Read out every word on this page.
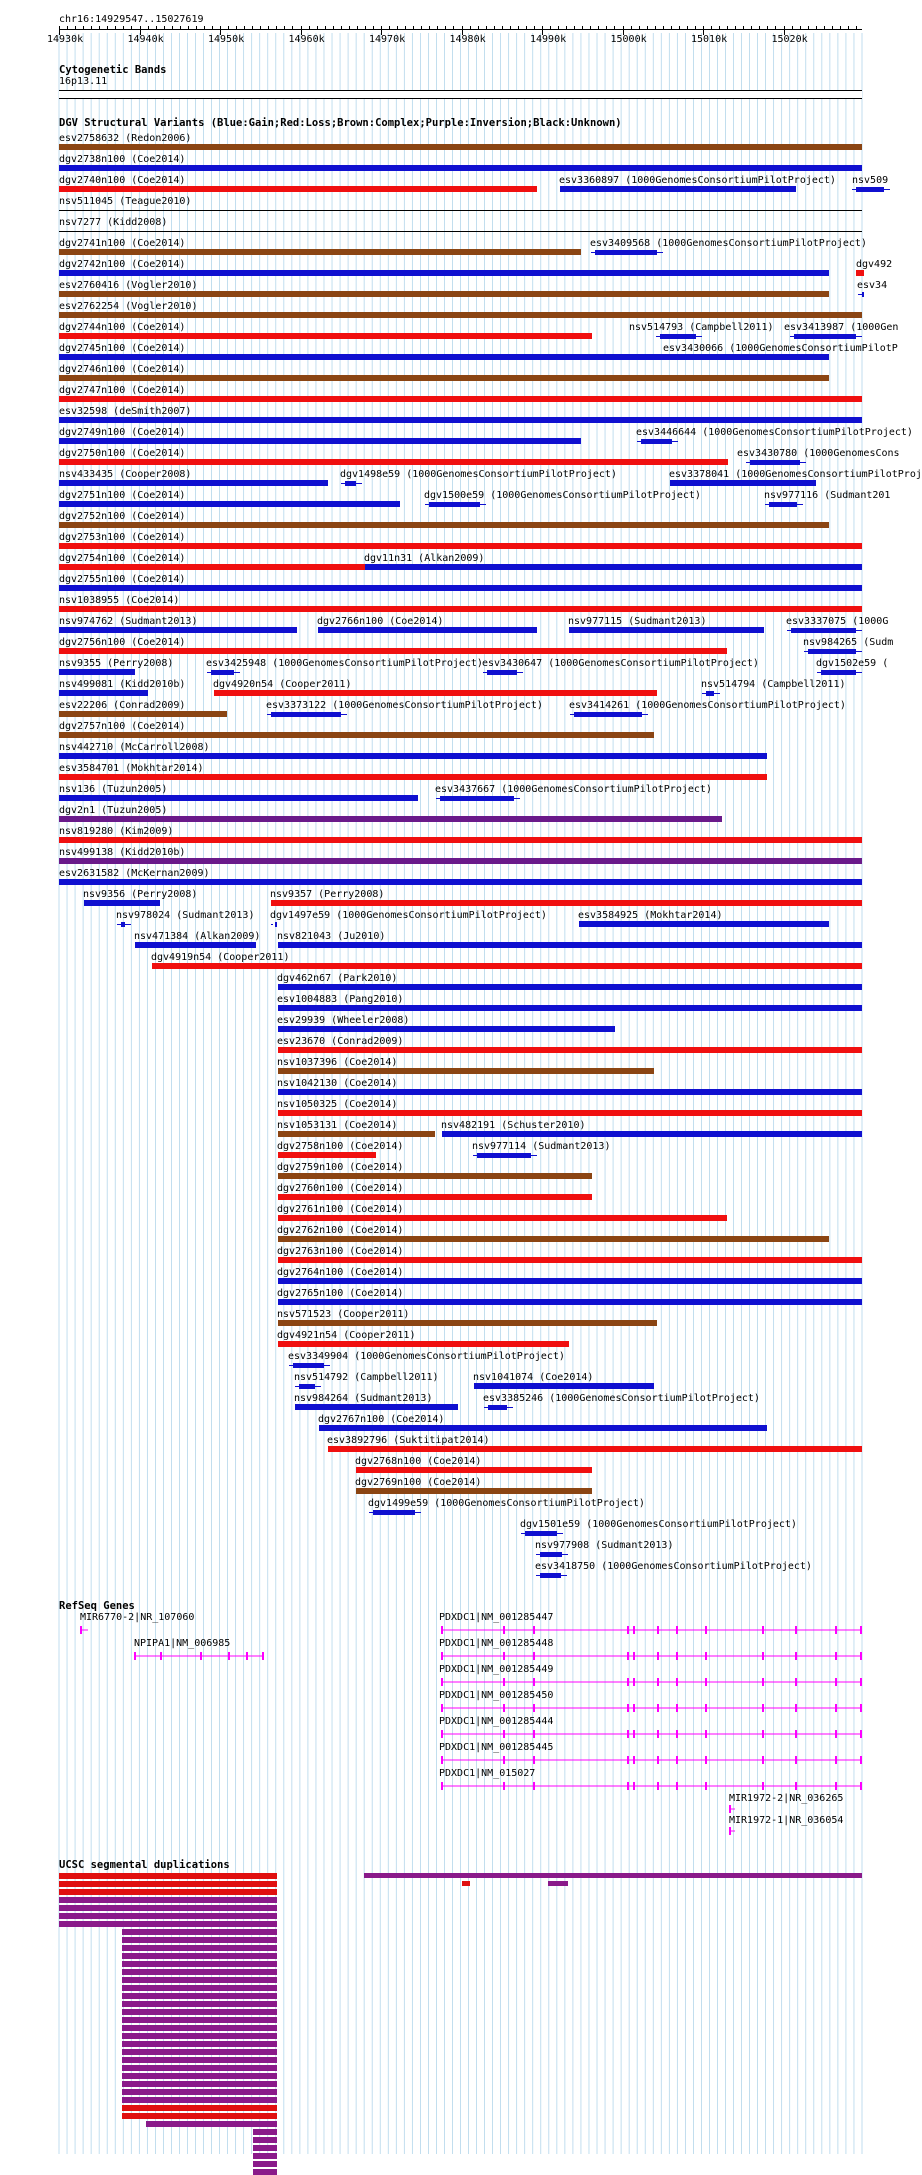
chr16:14929547..15027619
14930k	14940k	14950k	14960k	14970k	14980k	14990k	15000k	15010k	15020k
Cytogenetic Bands
16p13.11
DGV Structural Variants (Blue:Gain;Red:Loss;Brown:Complex;Purple:Inversion;Black:Unknown)
esv2758632 (Redon2006)
dgv2738n100 (Coe2014)
dgv2740n100 (Coe2014)	esv3360897 (1000GenomesConsortiumPilotProject) nsv509
nsv511045 (Teague2010)
nsv7277 (Kidd2008)
dgv2741n100 (Coe2014)	esv3409568 (1000GenomesConsortiumPilotProject)
dgv492
dgv2742n100 (Coe2014)
esv2760416 (Vogler2010)	esv34
esv2762254 (Vogler2010)
dgv2744n100 (Coe2014)	nsv514793 (Campbell2011) esv3413987 (1000Gen
dgv2745n100 (Coe2014)	esv3430066 (1000GenomesConsortiumPilotP
dgv2746n100 (Coe2014)
dgv2747n100 (Coe2014)
esv32598 (deSmith2007)
dgv2749n100 (Coe2014)	esv3446644 (1000GenomesConsortiumPilotProject)
dgv2750n100 (Coe2014)	esv3430780 (1000GenomesCons
nsv433435 (Cooper2008)	dgv1498e59 (1000GenomesConsortiumPilotProject)	esv3378041 (1000GenomesConsortiumPilotProj
dgv2751n100 (Coe2014)	dgv1500e59 (1000GenomesConsortiumPilotProject)	nsv977116 (Sudmant201
dgv2752n100 (Coe2014)
dgv2753n100 (Coe2014)
dgv2754n100 (Coe2014)	dgv11n31 (Alkan2009)
dgv2755n100 (Coe2014)
nsv1038955 (Coe2014)
nsv974762 (Sudmant2013)	dgv2766n100 (Coe2014)	nsv977115 (Sudmant2013)	esv3337075 (1000G
dgv2756n100 (Coe2014)	nsv984265 (Sudm
nsv9355 (Perry2008)	esv3425948 (1000GenomesConsortiumPilotProject) esv3430647 (1000GenomesConsortiumPilotProject)	dgv1502e59 (
nsv499081 (Kidd2010b)	dgv4920n54 (Cooper2011)	nsv514794 (Campbell2011)
esv22206 (Conrad2009)	esv3373122 (1000GenomesConsortiumPilotProject)	esv3414261 (1000GenomesConsortiumPilotProject)
dgv2757n100 (Coe2014)
nsv442710 (McCarroll2008)
esv3584701 (Mokhtar2014)
nsv136 (Tuzun2005)	esv3437667 (1000GenomesConsortiumPilotProject)
dgv2n1 (Tuzun2005)
nsv819280 (Kim2009)
nsv499138 (Kidd2010b)
esv2631582 (McKernan2009)
nsv9356 (Perry2008)	nsv9357 (Perry2008)
nsv978024 (Sudmant2013) dgv1497e59 (1000GenomesConsortiumPilotProject)	esv3584925 (Mokhtar2014)
nsv471384 (Alkan2009) nsv821043 (Ju2010)
dgv4919n54 (Cooper2011)
dgv462n67 (Park2010)
esv1004883 (Pang2010)
esv29939 (Wheeler2008)
esv23670 (Conrad2009)
nsv1037396 (Coe2014)
nsv1042130 (Coe2014)
nsv1050325 (Coe2014)
nsv1053131 (Coe2014)	nsv482191 (Schuster2010)
dgv2758n100 (Coe2014)	nsv977114 (Sudmant2013)
dgv2759n100 (Coe2014)
dgv2760n100 (Coe2014)
dgv2761n100 (Coe2014)
dgv2762n100 (Coe2014)
dgv2763n100 (Coe2014)
dgv2764n100 (Coe2014)
dgv2765n100 (Coe2014)
nsv571523 (Cooper2011)
dgv4921n54 (Cooper2011)
esv3349904 (1000GenomesConsortiumPilotProject)
nsv514792 (Campbell2011)	nsv1041074 (Coe2014)
nsv984264 (Sudmant2013)	esv3385246 (1000GenomesConsortiumPilotProject)
dgv2767n100 (Coe2014)
esv3892796 (Suktitipat2014)
dgv2768n100 (Coe2014)
dgv2769n100 (Coe2014)
dgv1499e59 (1000GenomesConsortiumPilotProject)
dgv1501e59 (1000GenomesConsortiumPilotProject)
nsv977908 (Sudmant2013)
esv3418750 (1000GenomesConsortiumPilotProject)
RefSeq Genes
MIR6770-2|NR_107060
NPIPA1|NM_006985
PDXDC1|NM_001285447
PDXDC1|NM_001285448
PDXDC1|NM_001285449
PDXDC1|NM_001285450
PDXDC1|NM_001285444
PDXDC1|NM_001285445
PDXDC1|NM_015027
MIR1972-2|NR_036265
MIR1972-1|NR_036054
UCSC segmental duplications
